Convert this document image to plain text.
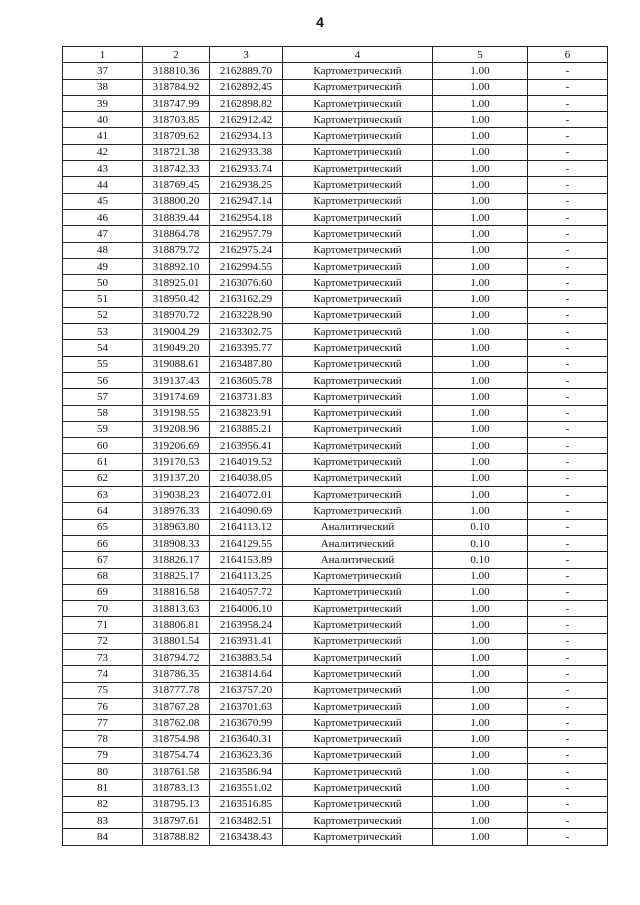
4
1	2	3	4	5	6
37	318810.36	2162889.70	Картометрический	1.00	-
38	318784.92	2162892.45	Картометрический	1.00	-
39	318747.99	2162898.82	Картометрический	1.00	-
40	318703.85	2162912.42	Картометрический	1.00	-
41	318709.62	2162934.13	Картометрический	1.00	-
42	318721.38	2162933.38	Картометрический	1.00	-
43	318742.33	2162933.74	Картометрический	1.00	-
44	318769.45	2162938.25	Картометрический	1.00	-
45	318800.20	2162947.14	Картометрический	1.00	-
46	318839.44	2162954.18	Картометрический	1.00	-
47	318864.78	2162957.79	Картометрический	1.00	-
48	318879.72	2162975.24	Картометрический	1.00	-
49	318892.10	2162994.55	Картометрический	1.00	-
50	318925.01	2163076.60	Картометрический	1.00	-
51	318950.42	2163162.29	Картометрический	1.00	-
52	318970.72	2163228.90	Картометрический	1.00	-
53	319004.29	2163302.75	Картометрический	1.00	-
54	319049.20	2163395.77	Картометрический	1.00	-
55	319088.61	2163487.80	Картометрический	1.00	-
56	319137.43	2163605.78	Картометрический	1.00	-
57	319174.69	2163731.83	Картометрический	1.00	-
58	319198.55	2163823.91	Картометрический	1.00	-
59	319208.96	2163885.21	Картометрический	1.00	-
60	319206.69	2163956.41	Картометрический	1.00	-
61	319170.53	2164019.52	Картометрический	1.00	-
62	319137.20	2164038.05	Картометрический	1.00	-
63	319038.23	2164072.01	Картометрический	1.00	-
64	318976.33	2164090.69	Картометрический	1.00	-
65	318963.80	2164113.12	Аналитический	0.10	-
66	318908.33	2164129.55	Аналитический	0.10	-
67	318826.17	2164153.89	Аналитический	0.10	-
68	318825.17	2164113.25	Картометрический	1.00	-
69	318816.58	2164057.72	Картометрический	1.00	-
70	318813.63	2164006.10	Картометрический	1.00	-
71	318806.81	2163958.24	Картометрический	1.00	-
72	318801.54	2163931.41	Картометрический	1.00	-
73	318794.72	2163883.54	Картометрический	1.00	-
74	318786.35	2163814.64	Картометрический	1.00	-
75	318777.78	2163757.20	Картометрический	1.00	-
76	318767.28	2163701.63	Картометрический	1.00	-
77	318762.08	2163670.99	Картометрический	1.00	-
78	318754.98	2163640.31	Картометрический	1.00	-
79	318754.74	2163623.36	Картометрический	1.00	-
80	318761.58	2163586.94	Картометрический	1.00	-
81	318783.13	2163551.02	Картометрический	1.00	-
82	318795.13	2163516.85	Картометрический	1.00	-
83	318797.61	2163482.51	Картометрический	1.00	-
84	318788.82	2163438.43	Картометрический	1.00	-
